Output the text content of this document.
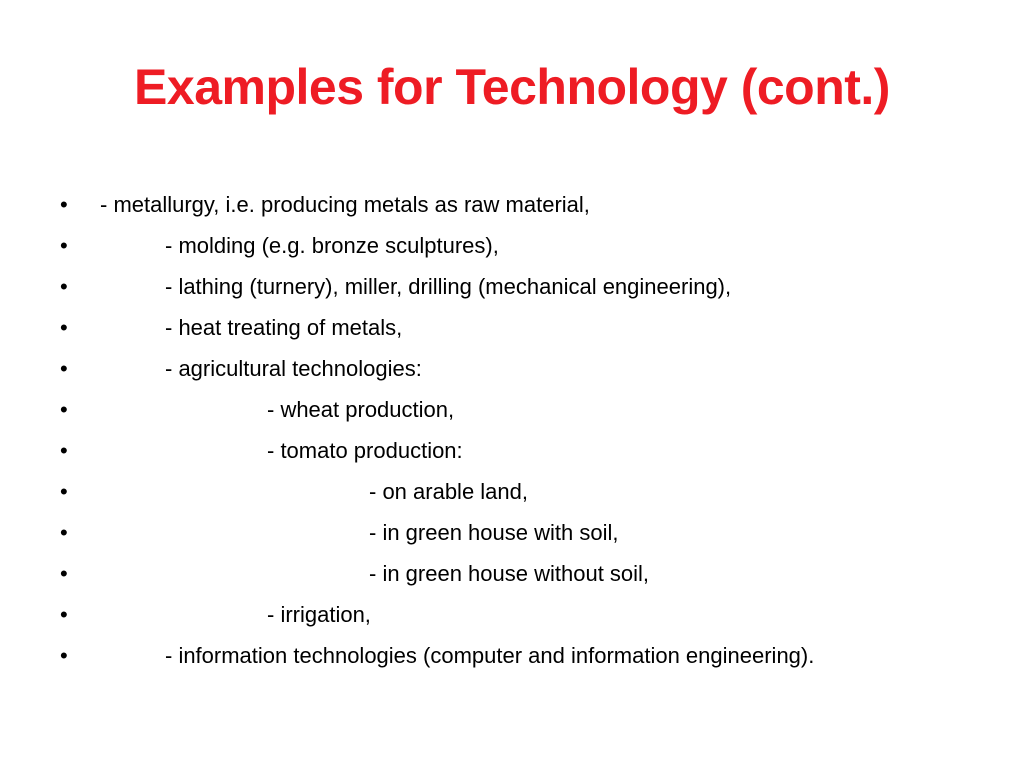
Examples for Technology (cont.)
• - metallurgy, i.e. producing metals as raw material,
•	- molding (e.g. bronze sculptures),
•	- lathing (turnery), miller, drilling (mechanical engineering),
•	- heat treating of metals,
•	- agricultural technologies:
•	- wheat production,
•	- tomato production:
•	- on arable land,
•	- in green house with soil,
•	- in green house without soil,
•	- irrigation,
•	- information technologies (computer and information engineering).
